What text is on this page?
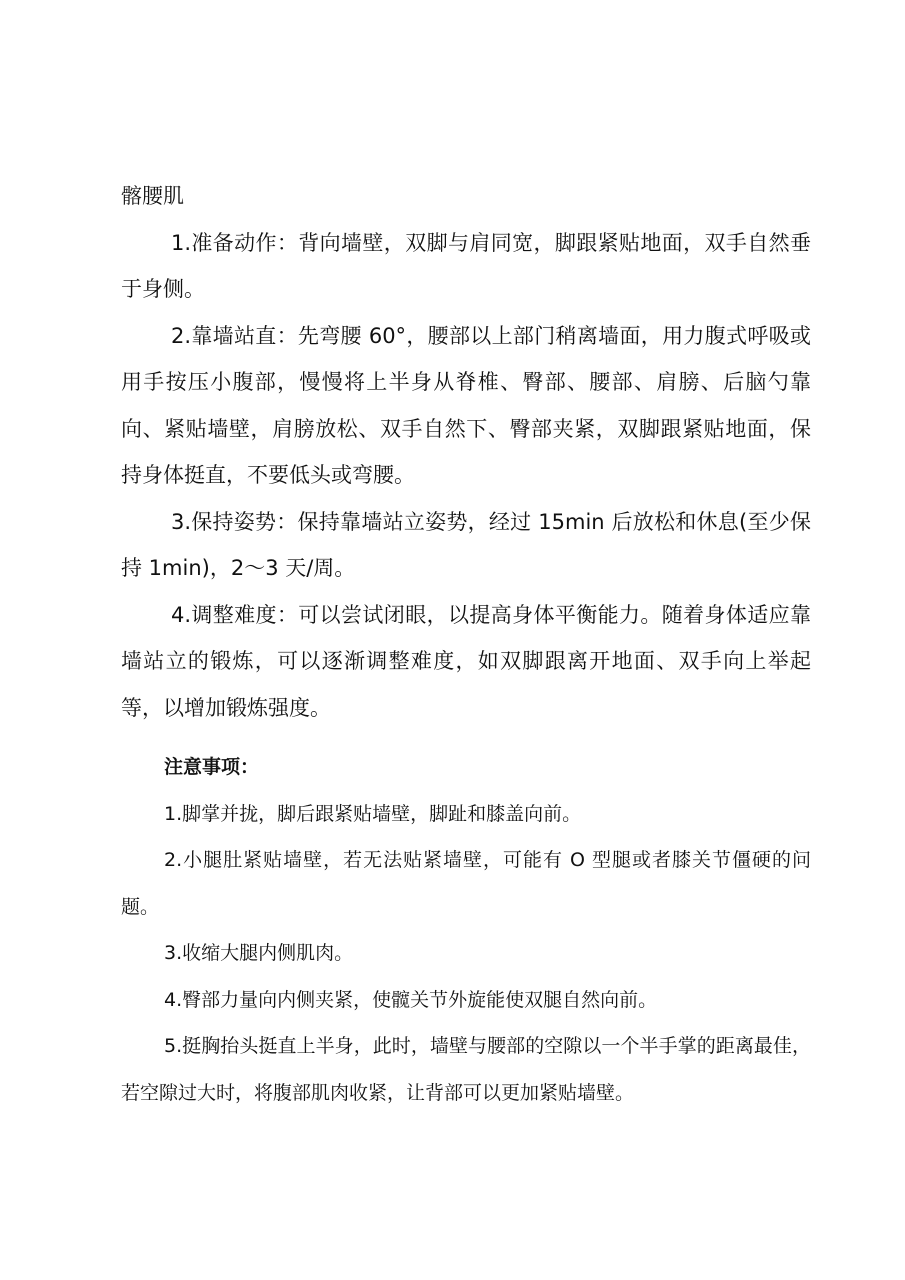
髂腰肌

1.准备动作：背向墙壁，双脚与肩同宽，脚跟紧贴地面，双手自然垂于身侧。

2.靠墙站直：先弯腰 60°，腰部以上部门稍离墙面，用力腹式呼吸或用手按压小腹部，慢慢将上半身从脊椎、臀部、腰部、肩膀、后脑勺靠向、紧贴墙壁，肩膀放松、双手自然下、臀部夹紧，双脚跟紧贴地面，保持身体挺直，不要低头或弯腰。

3.保持姿势：保持靠墙站立姿势，经过 15min 后放松和休息(至少保持 1min)，2～3 天/周。

4.调整难度：可以尝试闭眼，以提高身体平衡能力。随着身体适应靠墙站立的锻炼，可以逐渐调整难度，如双脚跟离开地面、双手向上举起等，以增加锻炼强度。

注意事项：

1.脚掌并拢，脚后跟紧贴墙壁，脚趾和膝盖向前。

2.小腿肚紧贴墙壁，若无法贴紧墙壁，可能有 O 型腿或者膝关节僵硬的问题。

3.收缩大腿内侧肌肉。

4.臀部力量向内侧夹紧，使髋关节外旋能使双腿自然向前。

5.挺胸抬头挺直上半身，此时，墙壁与腰部的空隙以一个半手掌的距离最佳，若空隙过大时，将腹部肌肉收紧，让背部可以更加紧贴墙壁。
